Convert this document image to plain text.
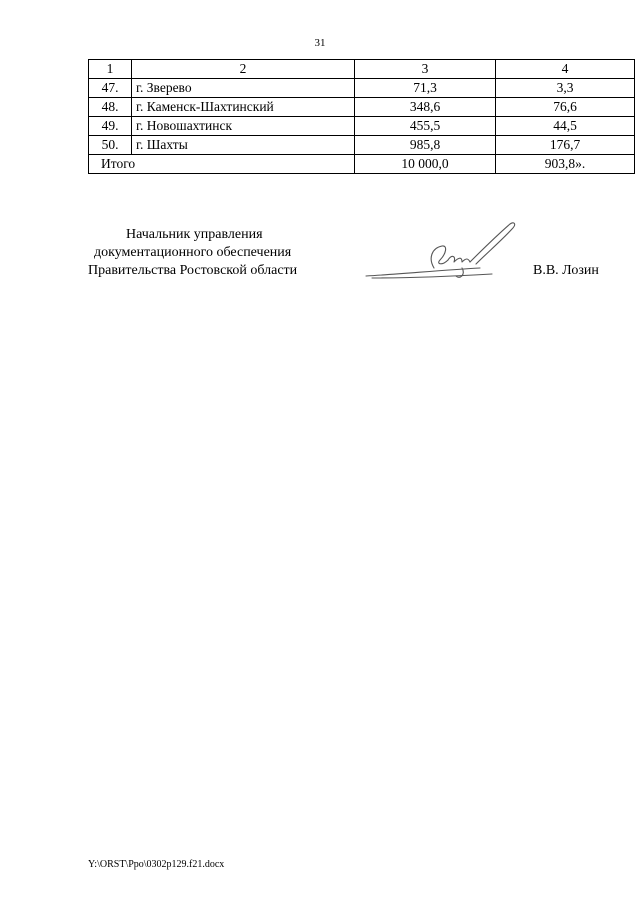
31
1	2	3	4
47.	г. Зверево	71,3	3,3
48.	г. Каменск-Шахтинский	348,6	76,6
49.	г. Новошахтинск	455,5	44,5
50.	г. Шахты	985,8	176,7
Итого		10 000,0	903,8».
Начальник управления
документационного обеспечения
Правительства Ростовской области	В.В. Лозин
Y:\ORST\Ppo\0302p129.f21.docx
